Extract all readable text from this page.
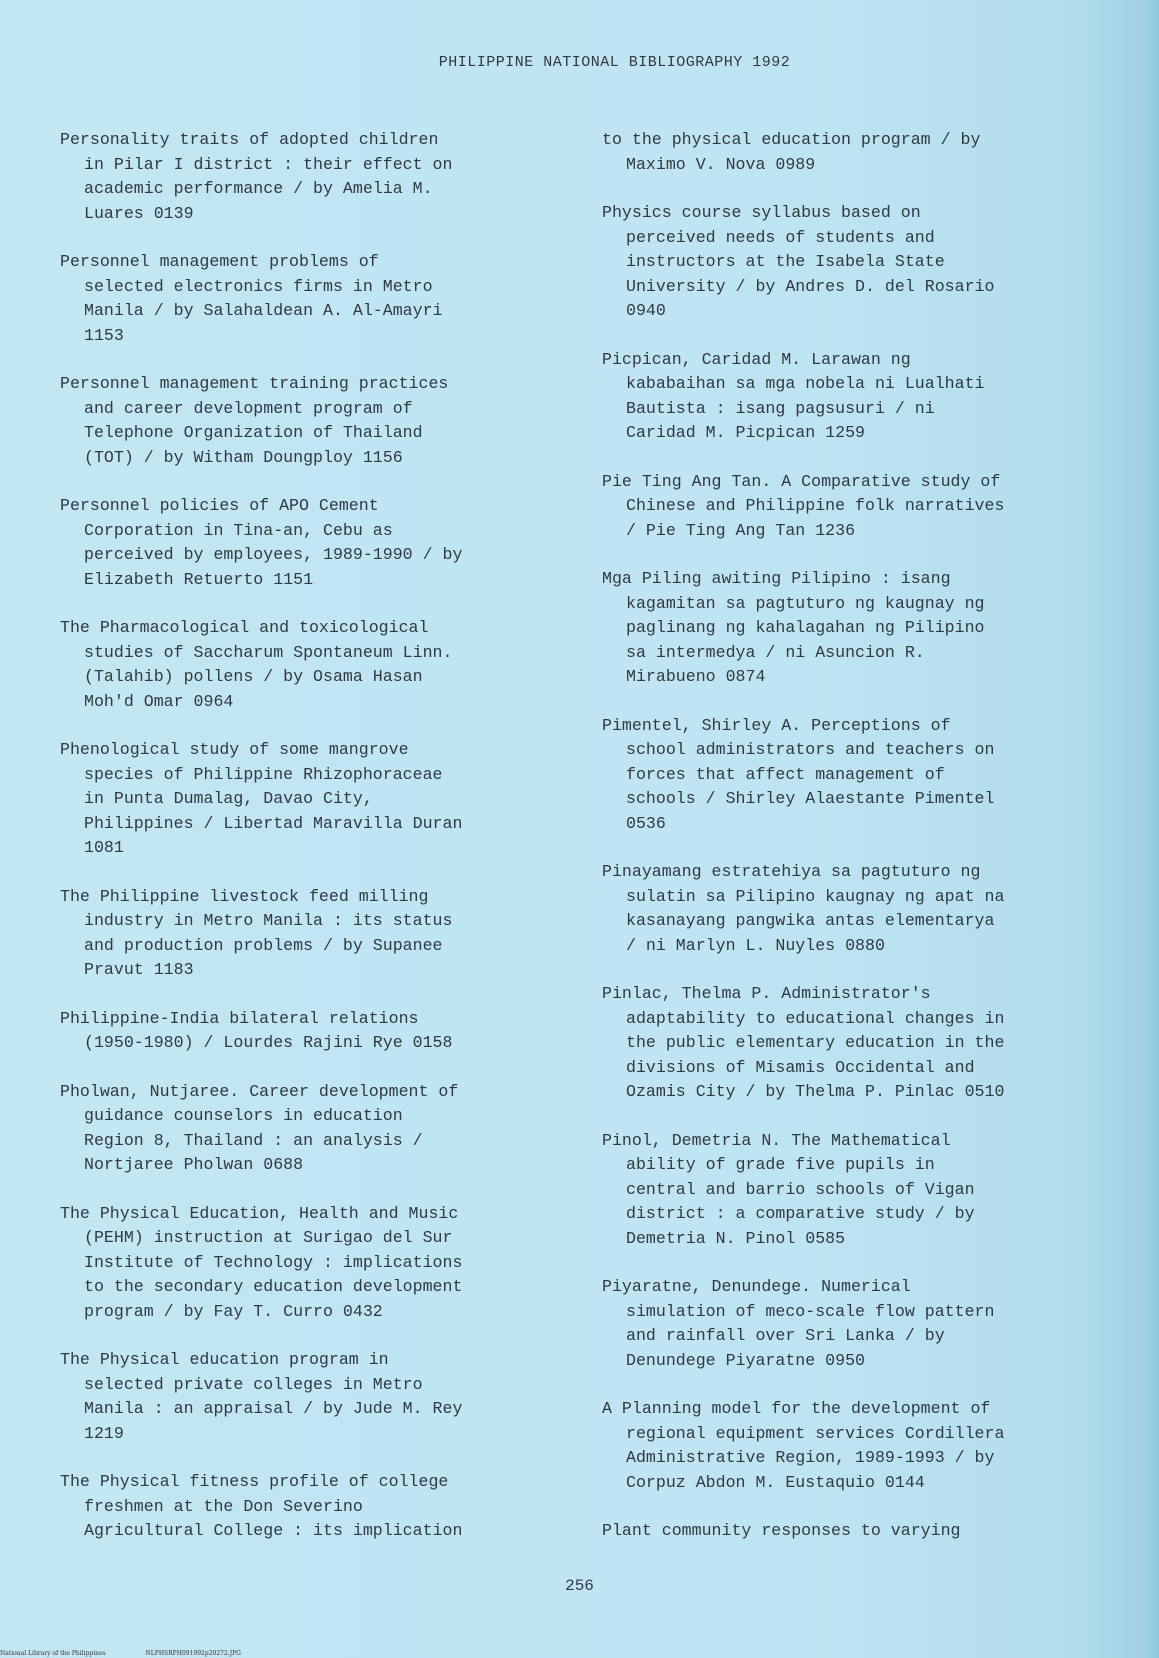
PHILIPPINE NATIONAL BIBLIOGRAPHY 1992

Personality traits of adopted children
in Pilar I district : their effect on
academic performance / by Amelia M.
Luares 0139

Personnel management problems of
selected electronics firms in Metro
Manila / by Salahaldean A. Al-Amayri
1153

Personnel management training practices
and career development program of
Telephone Organization of Thailand
(TOT) / by Witham Doungploy 1156

Personnel policies of APO Cement
Corporation in Tina-an, Cebu as
perceived by employees, 1989-1990 / by
Elizabeth Retuerto 1151

The Pharmacological and toxicological
studies of Saccharum Spontaneum Linn.
(Talahib) pollens / by Osama Hasan
Moh'd Omar 0964

Phenological study of some mangrove
species of Philippine Rhizophoraceae
in Punta Dumalag, Davao City,
Philippines / Libertad Maravilla Duran
1081

The Philippine livestock feed milling
industry in Metro Manila : its status
and production problems / by Supanee
Pravut 1183

Philippine-India bilateral relations
(1950-1980) / Lourdes Rajini Rye 0158

Pholwan, Nutjaree. Career development of
guidance counselors in education
Region 8, Thailand : an analysis /
Nortjaree Pholwan 0688

The Physical Education, Health and Music
(PEHM) instruction at Surigao del Sur
Institute of Technology : implications
to the secondary education development
program / by Fay T. Curro 0432

The Physical education program in
selected private colleges in Metro
Manila : an appraisal / by Jude M. Rey
1219

The Physical fitness profile of college
freshmen at the Don Severino
Agricultural College : its implication

to the physical education program / by
Maximo V. Nova 0989

Physics course syllabus based on
perceived needs of students and
instructors at the Isabela State
University / by Andres D. del Rosario
0940

Picpican, Caridad M. Larawan ng
kababaihan sa mga nobela ni Lualhati
Bautista : isang pagsusuri / ni
Caridad M. Picpican 1259

Pie Ting Ang Tan. A Comparative study of
Chinese and Philippine folk narratives
/ Pie Ting Ang Tan 1236

Mga Piling awiting Pilipino : isang
kagamitan sa pagtuturo ng kaugnay ng
paglinang ng kahalagahan ng Pilipino
sa intermedya / ni Asuncion R.
Mirabueno 0874

Pimentel, Shirley A. Perceptions of
school administrators and teachers on
forces that affect management of
schools / Shirley Alaestante Pimentel
0536

Pinayamang estratehiya sa pagtuturo ng
sulatin sa Pilipino kaugnay ng apat na
kasanayang pangwika antas elementarya
/ ni Marlyn L. Nuyles 0880

Pinlac, Thelma P. Administrator's
adaptability to educational changes in
the public elementary education in the
divisions of Misamis Occidental and
Ozamis City / by Thelma P. Pinlac 0510

Pinol, Demetria N. The Mathematical
ability of grade five pupils in
central and barrio schools of Vigan
district : a comparative study / by
Demetria N. Pinol 0585

Piyaratne, Denundege. Numerical
simulation of meco-scale flow pattern
and rainfall over Sri Lanka / by
Denundege Piyaratne 0950

A Planning model for the development of
regional equipment services Cordillera
Administrative Region, 1989-1993 / by
Corpuz Abdon M. Eustaquio 0144

Plant community responses to varying

256
National Library of the Philippines	NLPHSRPH091992p20272.JPG
